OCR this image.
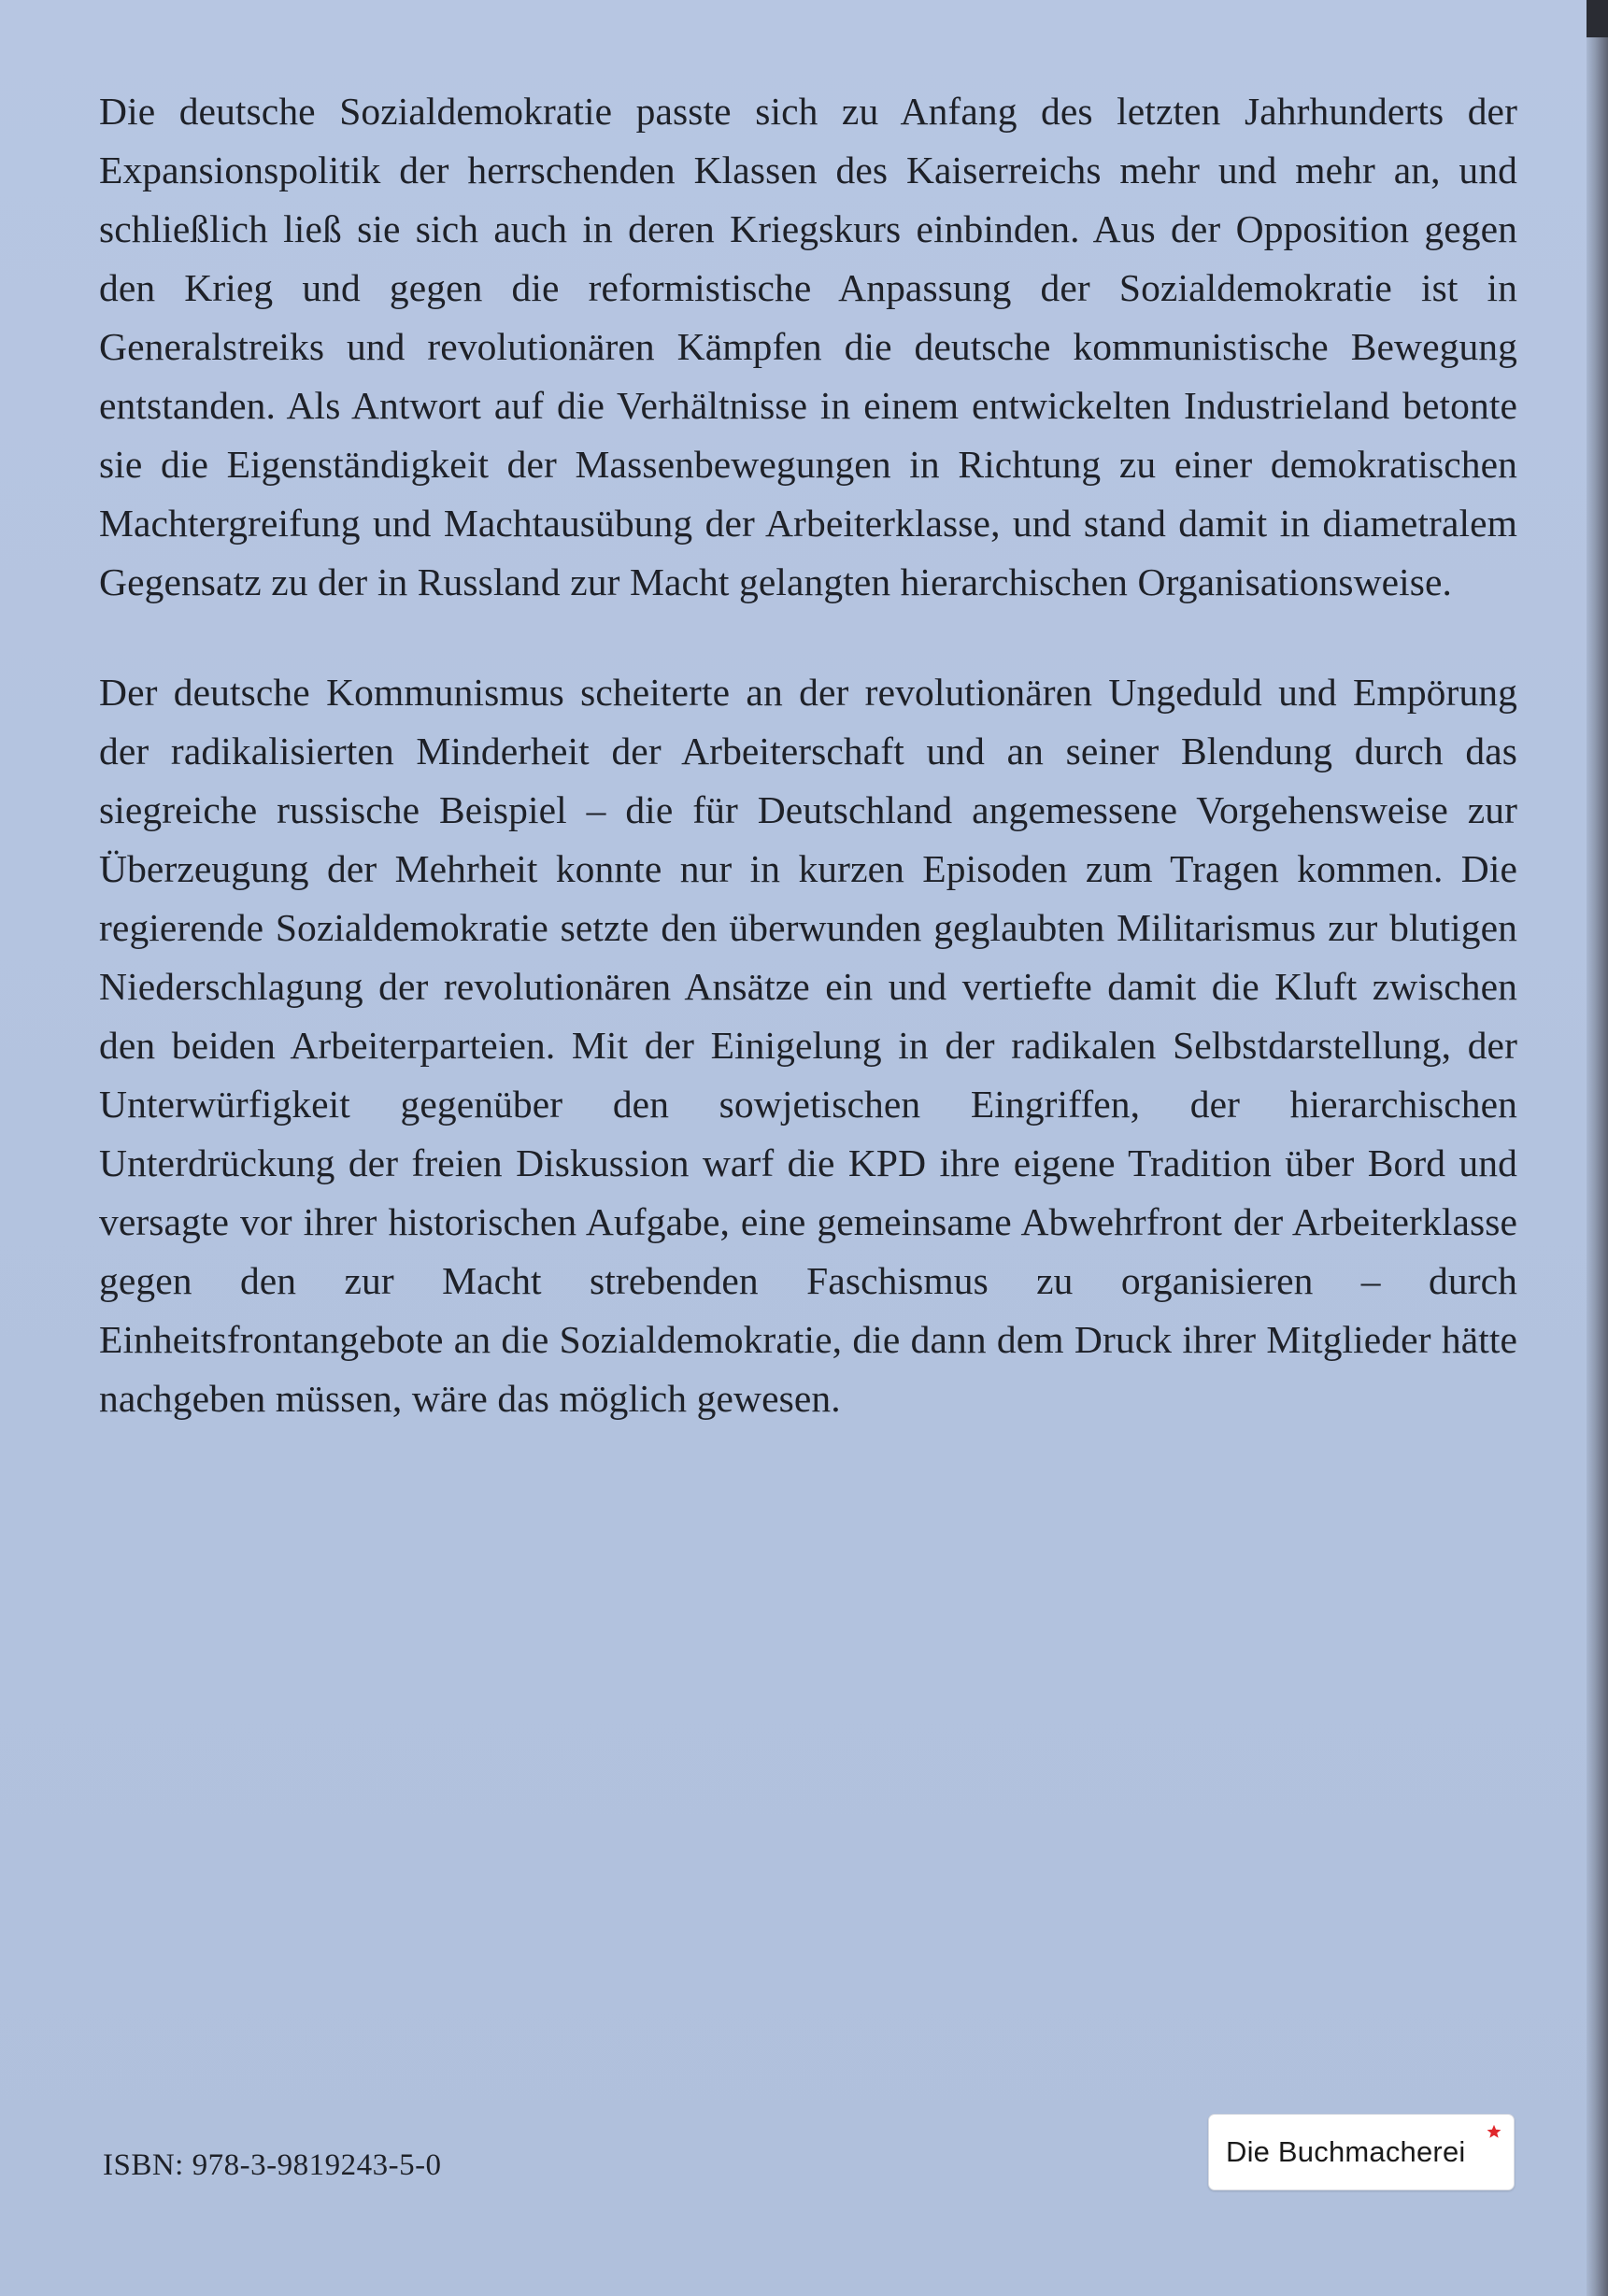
Die deutsche Sozialdemokratie passte sich zu Anfang des letzten Jahrhunderts der Expansionspolitik der herrschenden Klassen des Kaiserreichs mehr und mehr an, und schließlich ließ sie sich auch in deren Kriegskurs einbinden. Aus der Opposition gegen den Krieg und gegen die reformistische Anpassung der Sozialdemokratie ist in Generalstreiks und revolutionären Kämpfen die deutsche kommunistische Bewegung entstanden. Als Antwort auf die Verhältnisse in einem entwickelten Industrieland betonte sie die Eigenständigkeit der Massenbewegungen in Richtung zu einer demokratischen Machtergreifung und Machtausübung der Arbeiterklasse, und stand damit in diametralem Gegensatz zu der in Russland zur Macht gelangten hierarchischen Organisationsweise.

Der deutsche Kommunismus scheiterte an der revolutionären Ungeduld und Empörung der radikalisierten Minderheit der Arbeiterschaft und an seiner Blendung durch das siegreiche russische Beispiel – die für Deutschland angemessene Vorgehensweise zur Überzeugung der Mehrheit konnte nur in kurzen Episoden zum Tragen kommen. Die regierende Sozialdemokratie setzte den überwunden geglaubten Militarismus zur blutigen Niederschlagung der revolutionären Ansätze ein und vertiefte damit die Kluft zwischen den beiden Arbeiterparteien. Mit der Einigelung in der radikalen Selbstdarstellung, der Unterwürfigkeit gegenüber den sowjetischen Eingriffen, der hierarchischen Unterdrückung der freien Diskussion warf die KPD ihre eigene Tradition über Bord und versagte vor ihrer historischen Aufgabe, eine gemeinsame Abwehrfront der Arbeiterklasse gegen den zur Macht strebenden Faschismus zu organisieren – durch Einheitsfrontangebote an die Sozialdemokratie, die dann dem Druck ihrer Mitglieder hätte nachgeben müssen, wäre das möglich gewesen.

ISBN: 978-3-9819243-5-0	Die Buchmacherei
